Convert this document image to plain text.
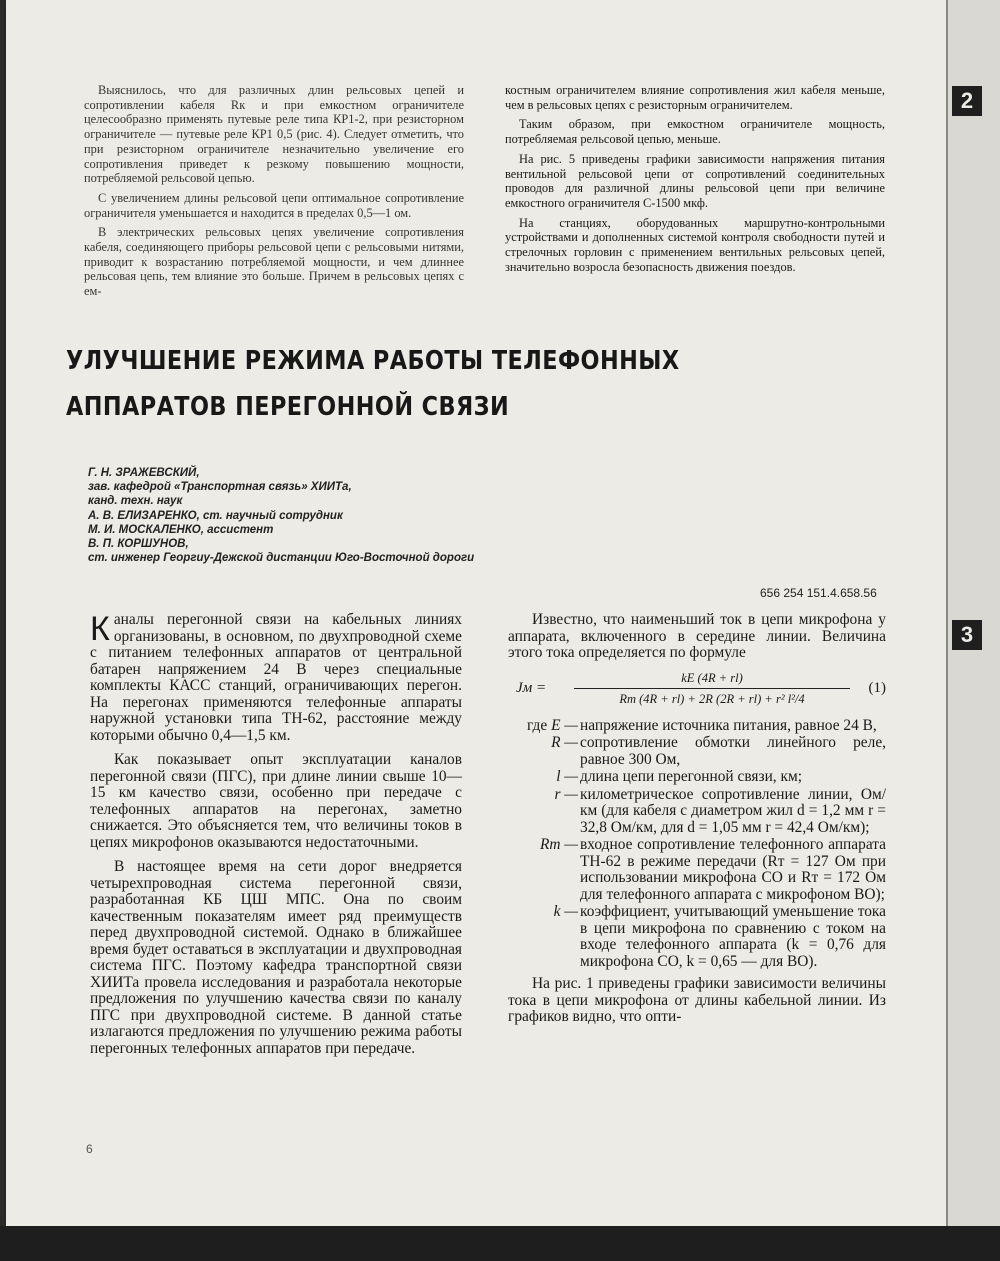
2
3

Выяснилось, что для различных длин рельсовых цепей и сопротивлении кабеля Rк и при емкостном ограничителе целесообразно применять путевые реле типа КР1-2, при резисторном ограничителе — путевые реле КР1 0,5 (рис. 4). Следует отметить, что при резисторном ограничителе незначительно увеличение его сопротивления приведет к резкому повышению мощности, потребляемой рельсовой цепью.

С увеличением длины рельсовой цепи оптимальное сопротивление ограничителя уменьшается и находится в пределах 0,5—1 ом.

В электрических рельсовых цепях увеличение сопротивления кабеля, соединяющего приборы рельсовой цепи с рельсовыми нитями, приводит к возрастанию потребляемой мощности, и чем длиннее рельсовая цепь, тем влияние это больше. Причем в рельсовых цепях с ем-

костным ограничителем влияние сопротивления жил кабеля меньше, чем в рельсовых цепях с резисторным ограничителем.

Таким образом, при емкостном ограничителе мощность, потребляемая рельсовой цепью, меньше.

На рис. 5 приведены графики зависимости напряжения питания вентильной рельсовой цепи от сопротивлений соединительных проводов для различной длины рельсовой цепи при величине емкостного ограничителя С-1500 мкф.

На станциях, оборудованных маршрутно-контрольными устройствами и дополненных системой контроля свободности путей и стрелочных горловин с применением вентильных рельсовых цепей, значительно возросла безопасность движения поездов.

УЛУЧШЕНИЕ РЕЖИМА РАБОТЫ ТЕЛЕФОННЫХ
АППАРАТОВ ПЕРЕГОННОЙ СВЯЗИ
Г. Н. ЗРАЖЕВСКИЙ,
зав. кафедрой «Транспортная связь» ХИИТа,
канд. техн. наук
А. В. ЕЛИЗАРЕНКО, ст. научный сотрудник
М. И. МОСКАЛЕНКО, ассистент
В. П. КОРШУНОВ,
ст. инженер Георгиу-Дежской дистанции Юго-Восточной дороги
656 254 151.4.658.56

Каналы перегонной связи на кабельных линиях организованы, в основном, по двухпроводной схеме с питанием телефонных аппаратов от центральной батарен напряжением 24 В через специальные комплекты КАСС станций, ограничивающих перегон. На перегонах применяются телефонные аппараты наружной установки типа ТН-62, расстояние между которыми обычно 0,4—1,5 км.

Как показывает опыт эксплуатации каналов перегонной связи (ПГС), при длине линии свыше 10—15 км качество связи, особенно при передаче с телефонных аппаратов на перегонах, заметно снижается. Это объясняется тем, что величины токов в цепях микрофонов оказываются недостаточными.

В настоящее время на сети дорог внедряется четырехпроводная система перегонной связи, разработанная КБ ЦШ МПС. Она по своим качественным показателям имеет ряд преимуществ перед двухпроводной системой. Однако в ближайшее время будет оставаться в эксплуатации и двухпроводная система ПГС. Поэтому кафедра транспортной связи ХИИТа провела исследования и разработала некоторые предложения по улучшению качества связи по каналу ПГС при двухпроводной системе. В данной статье излагаются предложения по улучшению режима работы перегонных телефонных аппаратов при передаче.

Известно, что наименьший ток в цепи микрофона у аппарата, включенного в середине линии. Величина этого тока определяется по формуле

Jм =	$\frac{kE (4R + rl)}{\text{Rт (4R + rl) + 2R (2R + rl) + r² l²/4}}$	(1)
где E — напряжение источника питания, равное 24 В,
R — сопротивление обмотки линейного реле, равное 300 Ом,
l — длина цепи перегонной связи, км;
r — километрическое сопротивление линии, Ом/км (для кабеля с диаметром жил d = 1,2 мм r = 32,8 Ом/км, для d = 1,05 мм r = 42,4 Ом/км);
Rт — входное сопротивление телефонного аппарата ТН-62 в режиме передачи (Rт = 127 Ом при использовании микрофона СО и Rт = 172 Ом для телефонного аппарата с микрофоном ВО);
k — коэффициент, учитывающий уменьшение тока в цепи микрофона по сравнению с током на входе телефонного аппарата (k = 0,76 для микрофона СО, k = 0,65 — для ВО).

На рис. 1 приведены графики зависимости величины тока в цепи микрофона от длины кабельной линии. Из графиков видно, что опти-

6
